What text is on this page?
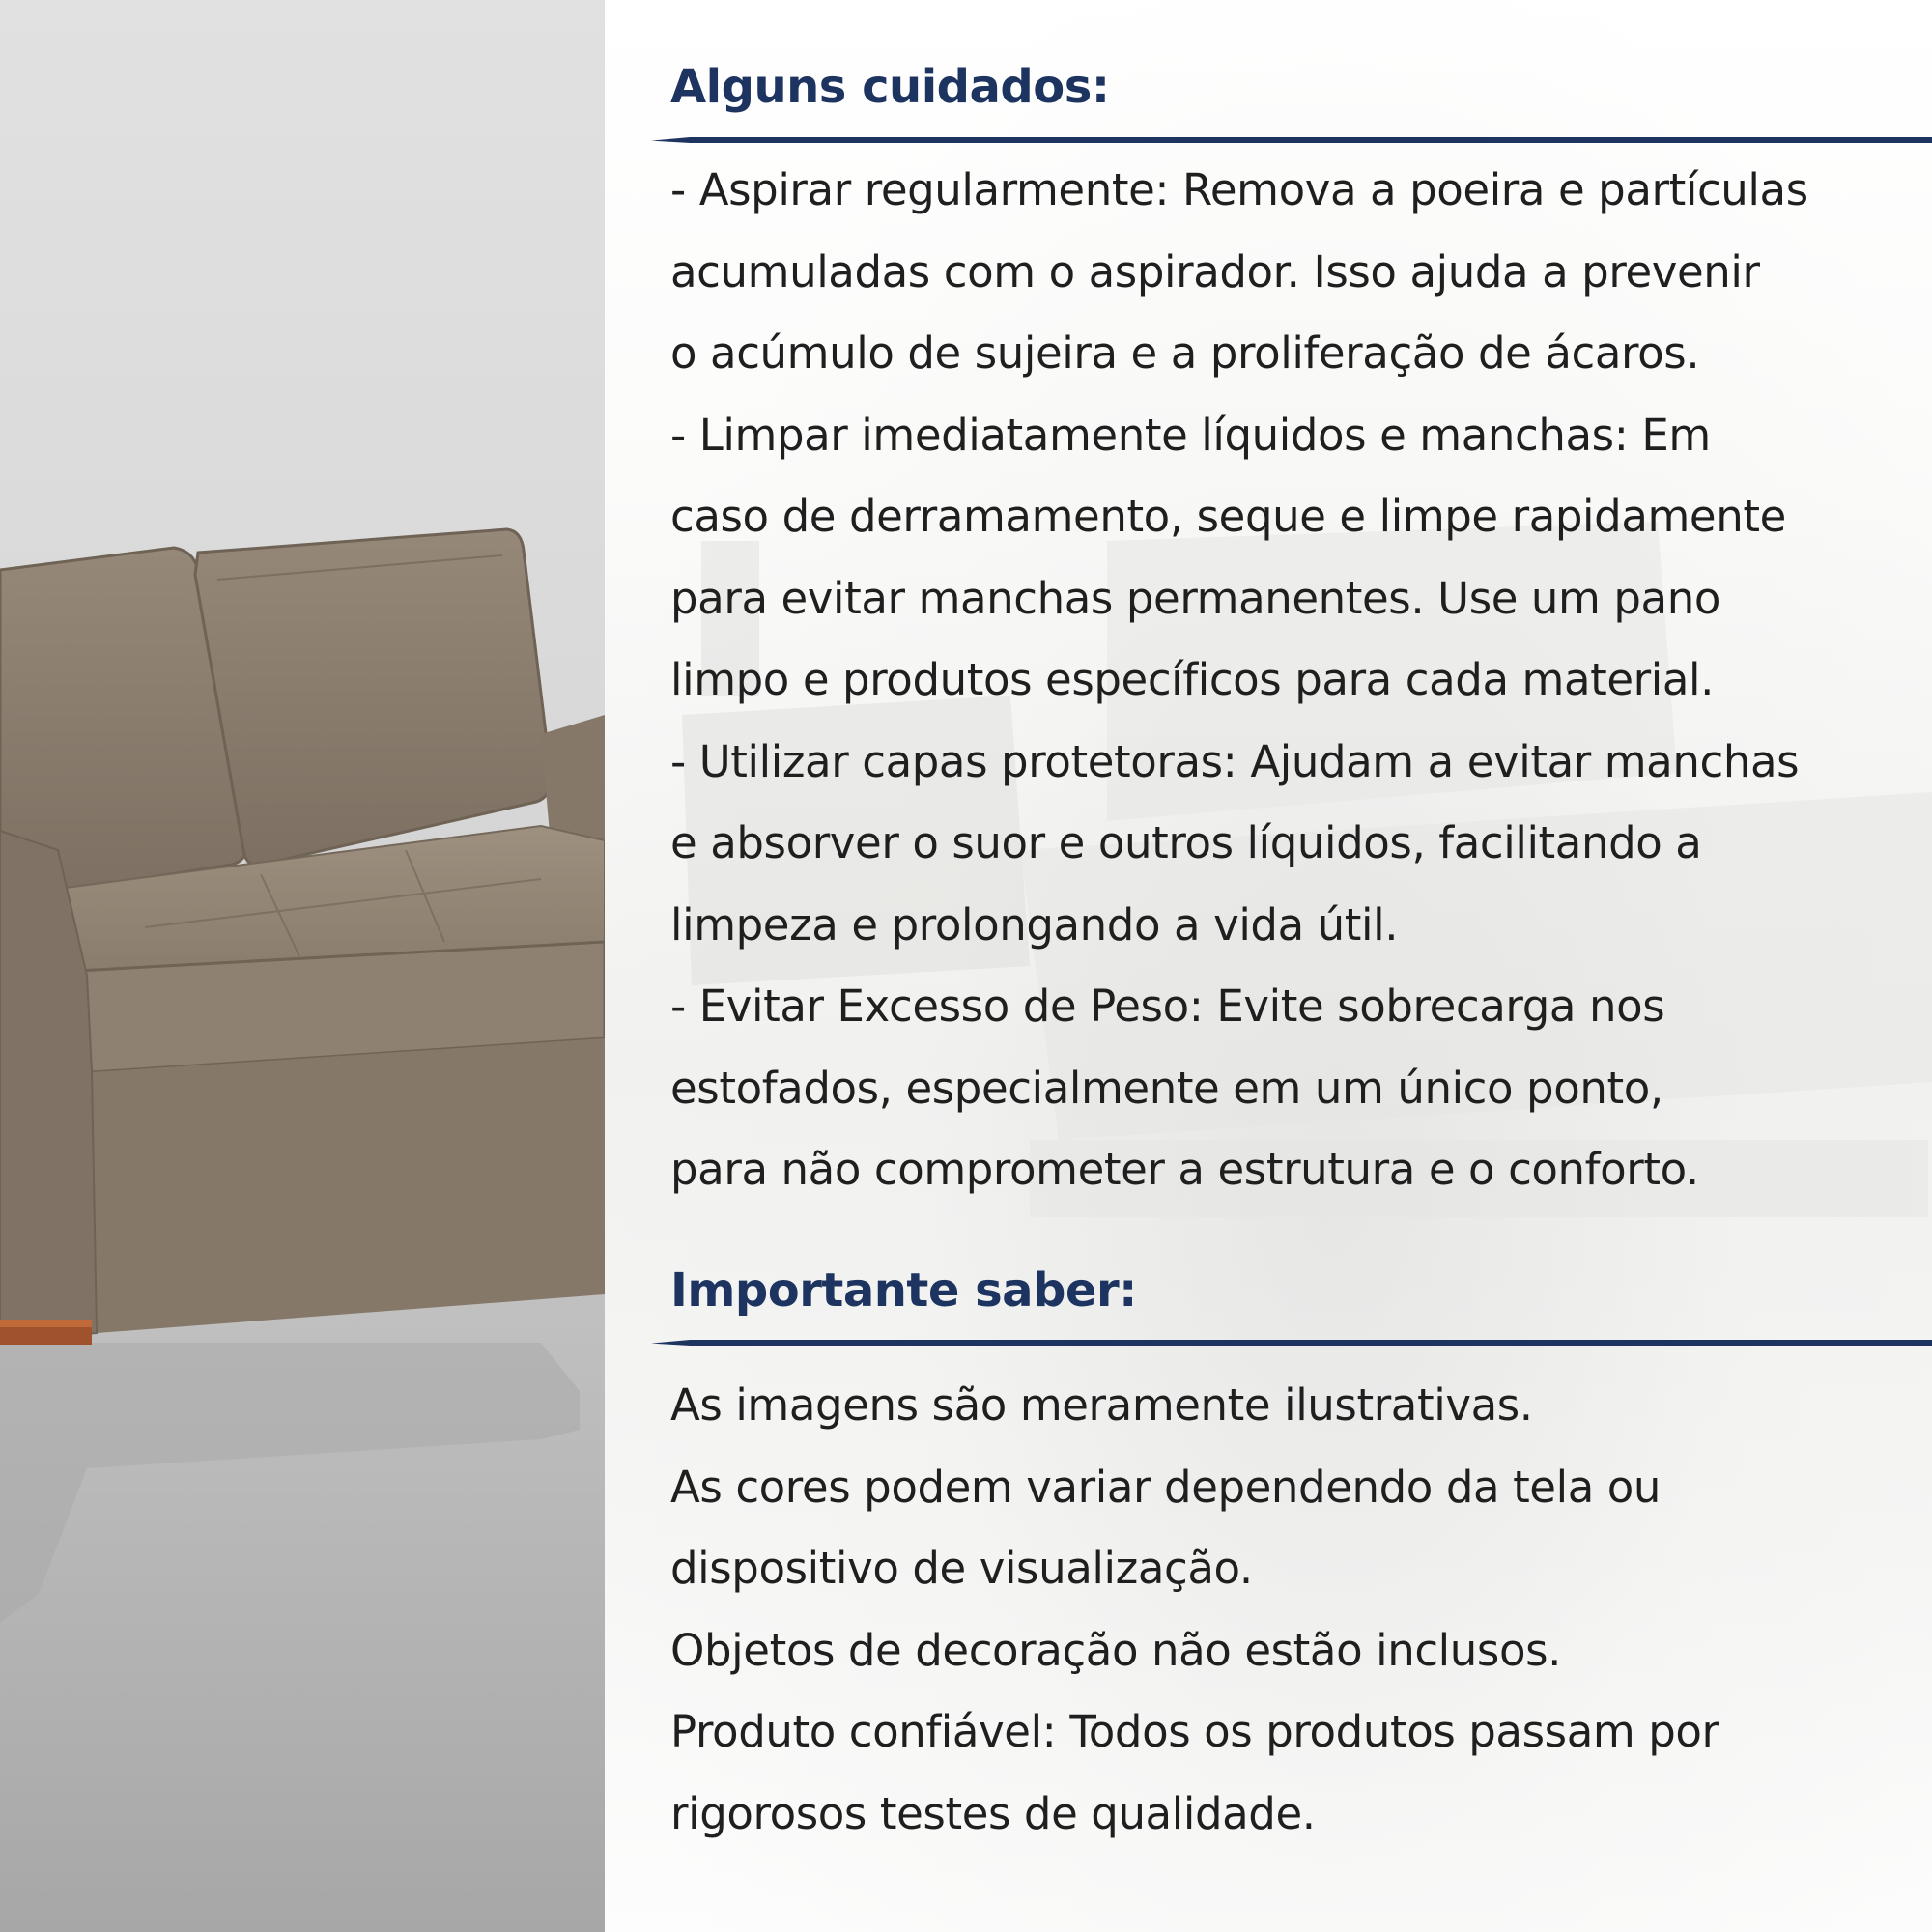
Alguns cuidados:
- Aspirar regularmente: Remova a poeira e partículas
acumuladas com o aspirador. Isso ajuda a prevenir
o acúmulo de sujeira e a proliferação de ácaros.
- Limpar imediatamente líquidos e manchas: Em
caso de derramamento, seque e limpe rapidamente
para evitar manchas permanentes. Use um pano
limpo e produtos específicos para cada material.
- Utilizar capas protetoras: Ajudam a evitar manchas
e absorver o suor e outros líquidos, facilitando a
limpeza e prolongando a vida útil.
- Evitar Excesso de Peso: Evite sobrecarga nos
estofados, especialmente em um único ponto,
para não comprometer a estrutura e o conforto.
Importante saber:
As imagens são meramente ilustrativas.
As cores podem variar dependendo da tela ou
dispositivo de visualização.
Objetos de decoração não estão inclusos.
Produto confiável: Todos os produtos passam por
rigorosos testes de qualidade.
